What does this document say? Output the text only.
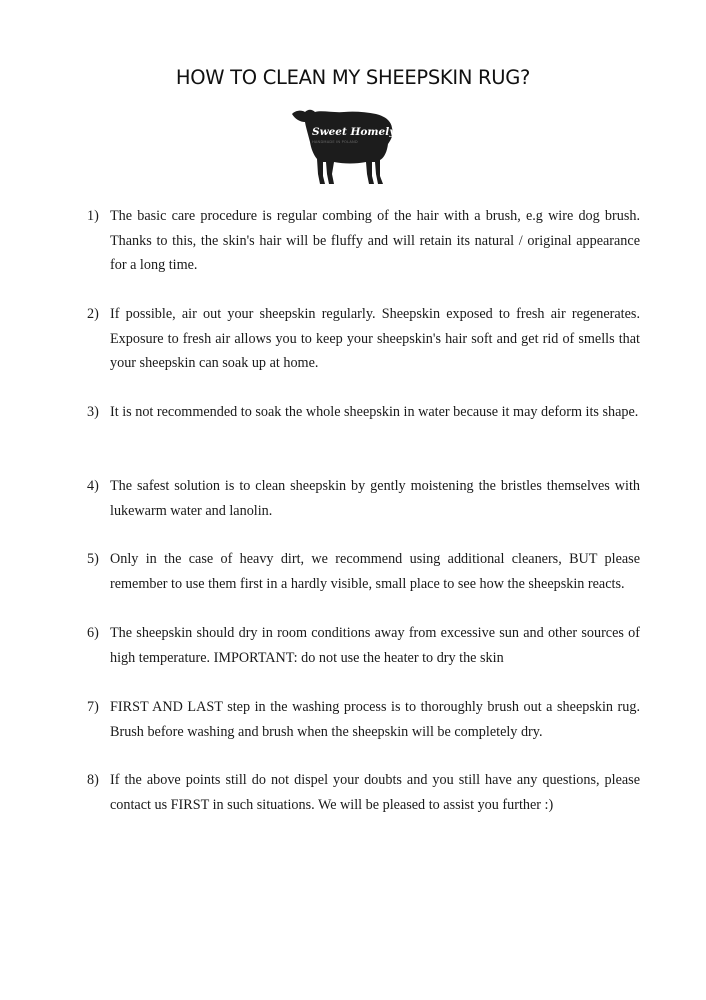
HOW TO CLEAN MY SHEEPSKIN RUG?
Sweet Homely
HANDMADE IN POLAND
1) The basic care procedure is regular combing of the hair with a brush, e.g wire dog brush. Thanks to this, the skin's hair will be fluffy and will retain its natural / original appearance for a long time.
2) If possible, air out your sheepskin regularly. Sheepskin exposed to fresh air regenerates. Exposure to fresh air allows you to keep your sheepskin's hair soft and get rid of smells that your sheepskin can soak up at home.
3) It is not recommended to soak the whole sheepskin in water because it may deform its shape.
4) The safest solution is to clean sheepskin by gently moistening the bristles themselves with lukewarm water and lanolin.
5) Only in the case of heavy dirt, we recommend using additional cleaners, BUT please remember to use them first in a hardly visible, small place to see how the sheepskin reacts.
6) The sheepskin should dry in room conditions away from excessive sun and other sources of high temperature. IMPORTANT: do not use the heater to dry the skin
7) FIRST AND LAST step in the washing process is to thoroughly brush out a sheepskin rug. Brush before washing and brush when the sheepskin will be completely dry.
8) If the above points still do not dispel your doubts and you still have any questions, please contact us FIRST in such situations. We will be pleased to assist you further :)
